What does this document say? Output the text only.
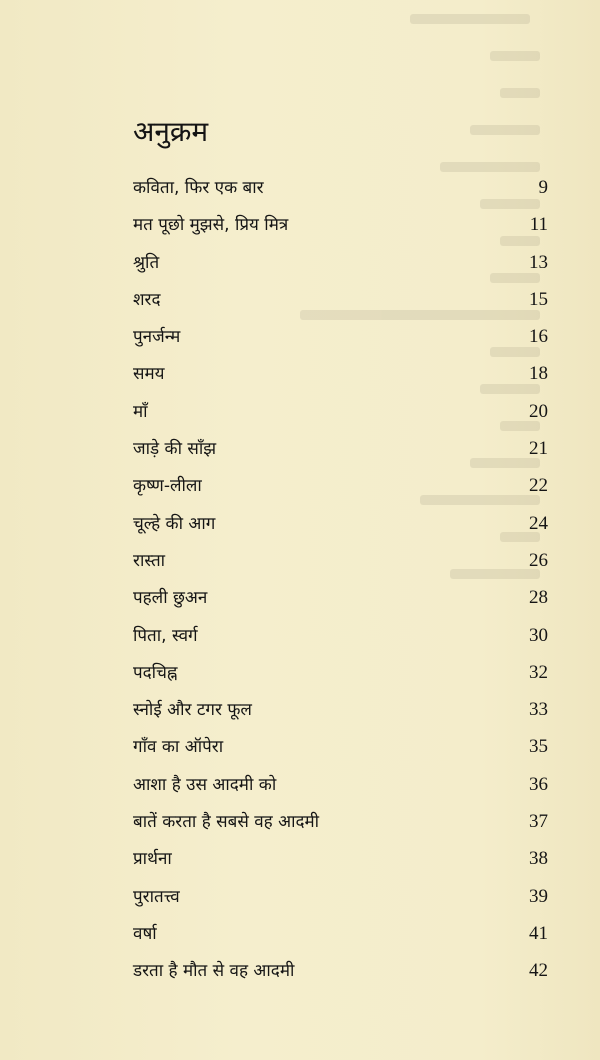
अनुक्रम
कविता, फिर एक बार	9
मत पूछो मुझसे, प्रिय मित्र	11
श्रुति	13
शरद	15
पुनर्जन्म	16
समय	18
माँ	20
जाड़े की साँझ	21
कृष्ण-लीला	22
चूल्हे की आग	24
रास्ता	26
पहली छुअन	28
पिता, स्वर्ग	30
पदचिह्न	32
स्नोई और टगर फूल	33
गाँव का ऑपेरा	35
आशा है उस आदमी को	36
बातें करता है सबसे वह आदमी	37
प्रार्थना	38
पुरातत्त्व	39
वर्षा	41
डरता है मौत से वह आदमी	42
